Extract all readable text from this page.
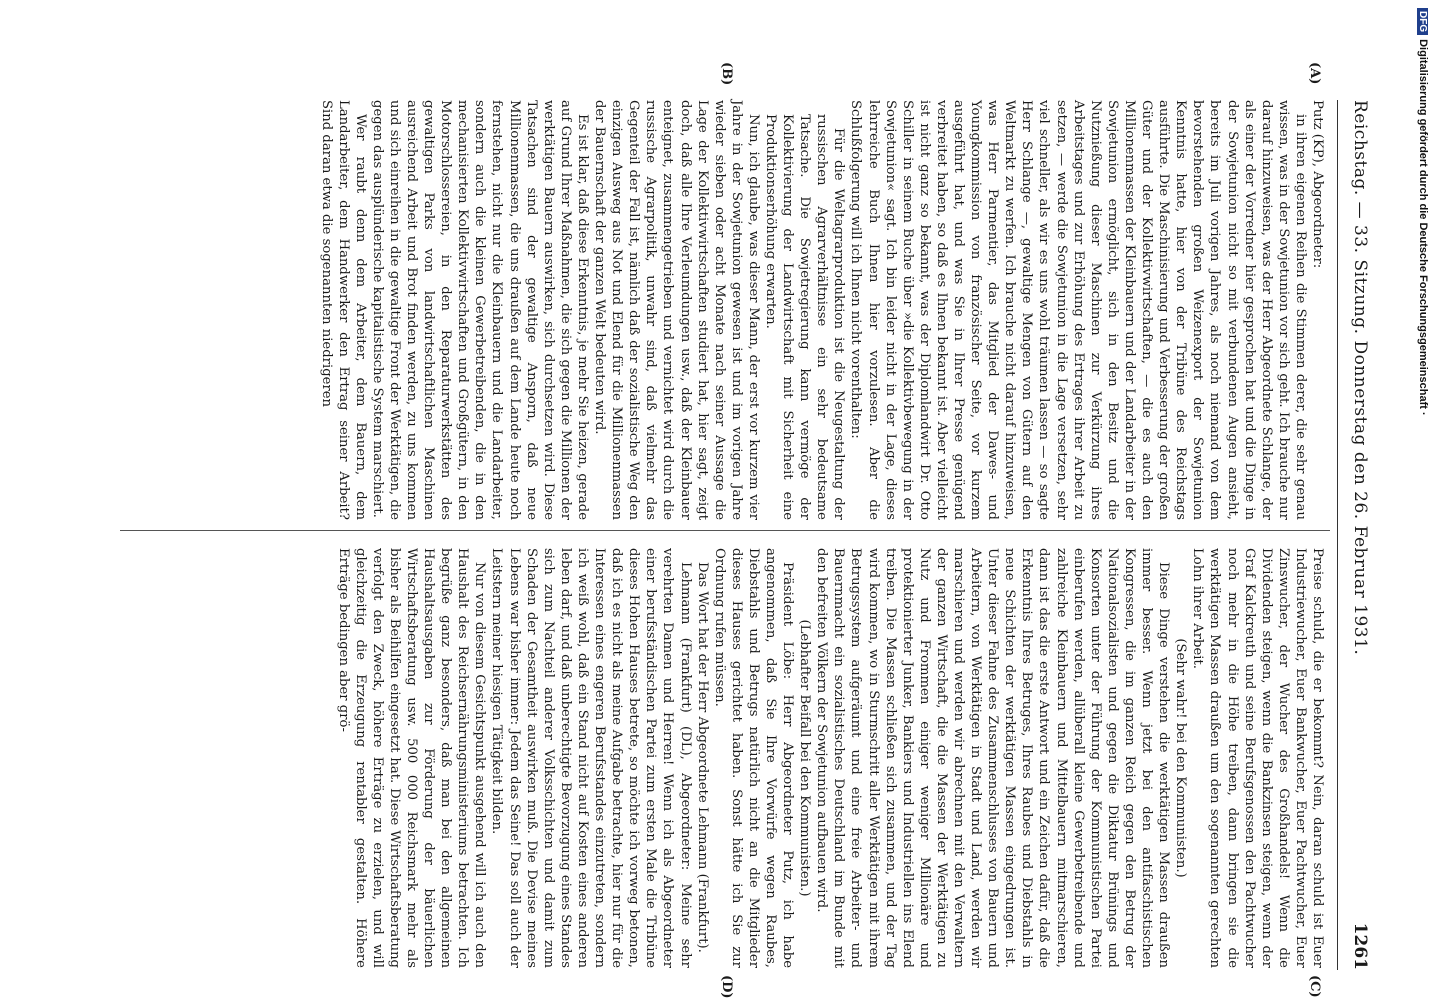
Reichstag. — 33. Sitzung. Donnerstag den 26. Februar 1931.
1261
(A)
(B)
(C)
(D)

Putz (KP), Abgeordneter:

in ihren eigenen Reihen die Stimmen derer, die sehr genau wissen, was in der Sowjetunion vor sich geht. Ich brauche nur darauf hinzuweisen, was der Herr Abgeordnete Schlange, der als einer der Vorredner hier gesprochen hat und die Dinge in der Sowjetunion nicht so mit verbundenen Augen ansieht, bereits im Juli vorigen Jahres, als noch niemand von dem bevorstehenden großen Weizenexport der Sowjetunion Kenntnis hatte, hier von der Tribüne des Reichstags ausführte. Die Maschinisierung und Verbesserung der großen Güter und der Kollektivwirtschaften, — die es auch den Millionenmassen der Kleinbauern und der Landarbeiter in der Sowjetunion ermöglicht, sich in den Besitz und die Nutznießung dieser Maschinen zur Verkürzung ihres Arbeitstages und zur Erhöhung des Ertrages ihrer Arbeit zu setzen, — werde die Sowjetunion in die Lage versetzen, sehr viel schneller, als wir es uns wohl träumen lassen — so sagte Herr Schlange —, gewaltige Mengen von Gütern auf den Weltmarkt zu werfen. Ich brauche nicht darauf hinzuweisen, was Herr Parmentier, das Mitglied der Dawes- und Youngkommission von französischer Seite, vor kurzem ausgeführt hat, und was Sie in Ihrer Presse genügend verbreitet haben, so daß es Ihnen bekannt ist. Aber vielleicht ist nicht ganz so bekannt, was der Diplomlandwirt Dr. Otto Schiller in seinem Buche über »die Kollektivbewegung in der Sowjetunion« sagt. Ich bin leider nicht in der Lage, dieses lehrreiche Buch Ihnen hier vorzulesen. Aber die Schlußfolgerung will ich Ihnen nicht vorenthalten:

Für die Weltagrarproduktion ist die Neugestaltung der russischen Agrarverhältnisse ein sehr bedeutsame Tatsache. Die Sowjetregierung kann vermöge der Kollektivierung der Landwirtschaft mit Sicherheit eine Produktionserhöhung erwarten.

Nun, ich glaube, was dieser Mann, der erst vor kurzem vier Jahre in der Sowjetunion gewesen ist und im vorigen Jahre wieder sieben oder acht Monate nach seiner Aussage die Lage der Kollektivwirtschaften studiert hat, hier sagt, zeigt doch, daß alle Ihre Verleumdungen usw., daß der Kleinbauer enteignet, zusammengetrieben und vernichtet wird durch die russische Agrarpolitik, unwahr sind, daß vielmehr das Gegenteil der Fall ist, nämlich daß der sozialistische Weg den einzigen Ausweg aus Not und Elend für die Millionenmassen der Bauernschaft der ganzen Welt bedeuten wird.

Es ist klar, daß diese Erkenntnis, je mehr Sie heizen, gerade auf Grund Ihrer Maßnahmen, die sich gegen die Millionen der werktätigen Bauern auswirken, sich durchsetzen wird. Diese Tatsachen sind der gewaltige Ansporn, daß neue Millionenmassen, die uns draußen auf dem Lande heute noch fernstehen, nicht nur die Kleinbauern und die Landarbeiter, sondern auch die kleinen Gewerbetreibenden, die in den mechanisierten Kollektivwirtschaften und Großgütern, in den Motorschlossereien, in den Reparaturwerkstätten des gewaltigen Parks von landwirtschaftlichen Maschinen ausreichend Arbeit und Brot finden werden, zu uns kommen und sich einreihen in die gewaltige Front der Werktätigen, die gegen das ausplünderische kapitalistische System marschiert.

Wer raubt denn dem Arbeiter, dem Bauern, dem Landarbeiter, dem Handwerker den Ertrag seiner Arbeit? Sind daran etwa die sogenannten niedrigeren

Preise schuld, die er bekommt? Nein, daran schuld ist Euer Industriewucher, Euer Bankwucher, Euer Pachtwucher, Euer Zinswucher, der Wucher des Großhandels! Wenn die Dividenden steigen, wenn die Bankzinsen steigen, wenn der Graf Kalckreuth und seine Berufsgenossen den Pachtwucher noch mehr in die Höhe treiben, dann bringen sie die werktätigen Massen draußen um den sogenannten gerechten Lohn ihrer Arbeit.

(Sehr wahr! bei den Kommunisten.)

Diese Dinge verstehen die werktätigen Massen draußen immer besser. Wenn jetzt bei den antifaschistischen Kongressen, die im ganzen Reich gegen den Betrug der Nationalsozialisten und gegen die Diktatur Brünings und Konsorten unter der Führung der Kommunistischen Partei einberufen werden, allüberall kleine Gewerbetreibende und zahlreiche Kleinbauern und Mittelbauern mitmarschieren, dann ist das die erste Antwort und ein Zeichen dafür, daß die Erkenntnis Ihres Betruges, Ihres Raubes und Diebstahls in neue Schichten der werktätigen Massen eingedrungen ist. Unter dieser Fahne des Zusammenschlusses von Bauern und Arbeitern, von Werktätigen in Stadt und Land, werden wir marschieren und werden wir abrechnen mit den Verwaltern der ganzen Wirtschaft, die die Massen der Werktätigen zu Nutz und Frommen einiger weniger Millionäre und protektionierter Junker, Bankiers und Industriellen ins Elend treiben. Die Massen schließen sich zusammen, und der Tag wird kommen, wo in Sturmschritt aller Werktätigen mit ihrem Betrugssystem aufgeräumt und eine freie Arbeiter- und Bauernmacht ein sozialistisches Deutschland im Bunde mit den befreiten Völkern der Sowjetunion aufbauen wird.

(Lebhafter Beifall bei den Kommunisten.)

Präsident Löbe: Herr Abgeordneter Putz, ich habe angenommen, daß Sie Ihre Vorwürfe wegen Raubes, Diebstahls und Betrugs natürlich nicht an die Mitglieder dieses Hauses gerichtet haben. Sonst hätte ich Sie zur Ordnung rufen müssen.

Das Wort hat der Herr Abgeordnete Lehmann (Frankfurt).

Lehmann (Frankfurt) (DL), Abgeordneter: Meine sehr verehrten Damen und Herren! Wenn ich als Abgeordneter einer berufsständischen Partei zum ersten Male die Tribüne dieses Hohen Hauses betrete, so möchte ich vorweg betonen, daß ich es nicht als meine Aufgabe betrachte, hier nur für die Interessen eines engeren Berufsstandes einzutreten, sondern ich weiß wohl, daß ein Stand nicht auf Kosten eines anderen leben darf, und daß unberechtigte Bevorzugung eines Standes sich zum Nachteil anderer Volksschichten und damit zum Schaden der Gesamtheit auswirken muß. Die Devise meines Lebens war bisher immer: Jedem das Seine! Das soll auch der Leitstern meiner hiesigen Tätigkeit bilden.

Nur von diesem Gesichtspunkt ausgehend will ich auch den Haushalt des Reichsernährungsministeriums betrachten. Ich begrüße ganz besonders, daß man bei den allgemeinen Haushaltsausgaben zur Förderung der bäuerlichen Wirtschaftsberatung usw. 500 000 Reichsmark mehr als bisher als Beihilfen eingesetzt hat. Diese Wirtschaftsberatung verfolgt den Zweck, höhere Erträge zu erzielen, und will gleichzeitig die Erzeugung rentabler gestalten. Höhere Erträge bedingen aber grö-

DFGDigitalisierung gefördert durch die Deutsche Forschungsgemeinschaft ·
